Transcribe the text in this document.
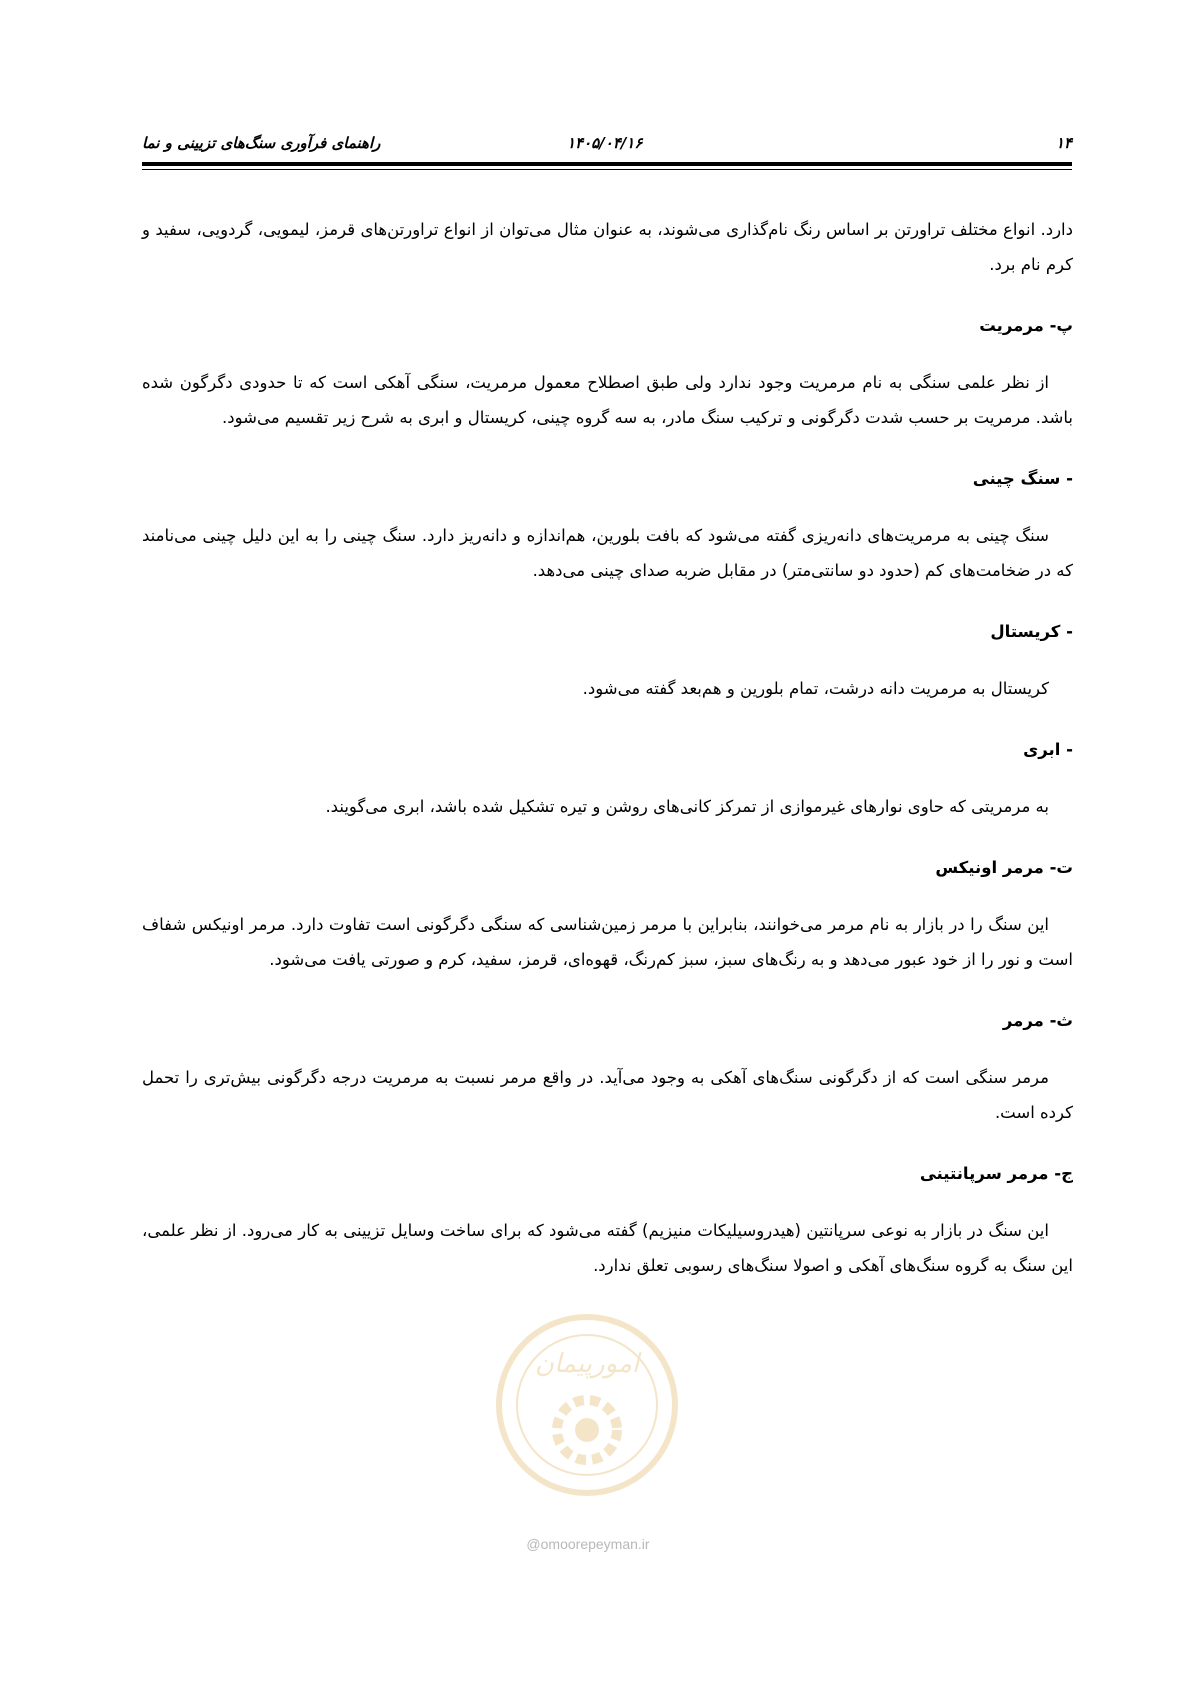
۱۴
۱۴۰۵/۰۴/۱۶
راهنمای فرآوری سنگ‌های تزیینی و نما

دارد. انواع مختلف تراورتن بر اساس رنگ نام‌گذاری می‌شوند، به عنوان مثال می‌توان از انواع تراورتن‌های قرمز، لیمویی، گردویی، سفید و کرم نام برد.

پ- مرمریت

از نظر علمی سنگی به نام مرمریت وجود ندارد ولی طبق اصطلاح معمول مرمریت، سنگی آهکی است که تا حدودی دگرگون شده باشد. مرمریت بر حسب شدت دگرگونی و ترکیب سنگ مادر، به سه گروه چینی، کریستال و ابری به شرح زیر تقسیم می‌شود.

- سنگ چینی

سنگ چینی به مرمریت‌های دانه‌ریزی گفته می‌شود که بافت بلورین، هم‌اندازه و دانه‌ریز دارد. سنگ چینی را به این دلیل چینی می‌نامند که در ضخامت‌های کم (حدود دو سانتی‌متر) در مقابل ضربه صدای چینی می‌دهد.

- کریستال

کریستال به مرمریت دانه درشت، تمام بلورین و هم‌بعد گفته می‌شود.

- ابری

به مرمریتی که حاوی نوارهای غیرموازی از تمرکز کانی‌های روشن و تیره تشکیل شده باشد، ابری می‌گویند.

ت- مرمر اونیکس

این سنگ را در بازار به نام مرمر می‌خوانند، بنابراین با مرمر زمین‌شناسی که سنگی دگرگونی است تفاوت دارد. مرمر اونیکس شفاف است و نور را از خود عبور می‌دهد و به رنگ‌های سبز، سبز کم‌رنگ، قهوه‌ای، قرمز، سفید، کرم و صورتی یافت می‌شود.

ث- مرمر

مرمر سنگی است که از دگرگونی سنگ‌های آهکی به وجود می‌آید. در واقع مرمر نسبت به مرمریت درجه دگرگونی بیش‌تری را تحمل کرده است.

ج- مرمر سرپانتینی

این سنگ در بازار به نوعی سرپانتین (هیدروسیلیکات منیزیم) گفته می‌شود که برای ساخت وسایل تزیینی به کار می‌رود. از نظر علمی، این سنگ به گروه سنگ‌های آهکی و اصولا سنگ‌های رسوبی تعلق ندارد.

امورپیمان
@omoorepeyman.ir
